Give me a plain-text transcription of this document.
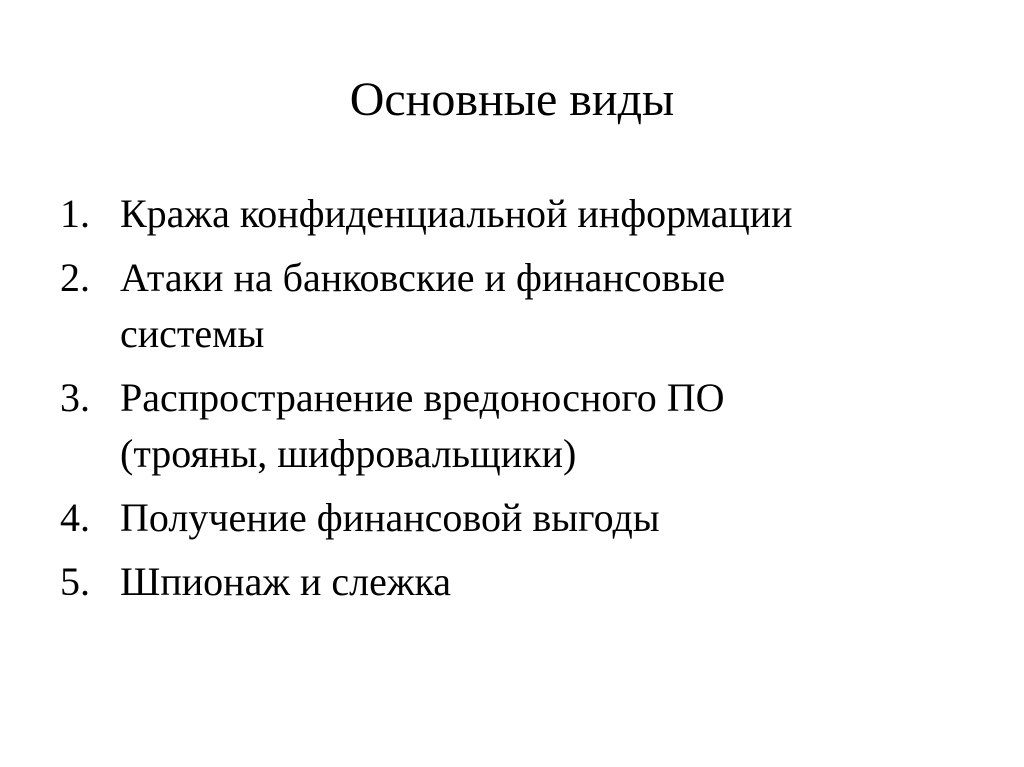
Основные виды
1. Кража конфиденциальной информации
2. Атаки на банковские и финансовые
системы
3. Распространение вредоносного ПО
(трояны, шифровальщики)
4. Получение финансовой выгоды
5. Шпионаж и слежка
